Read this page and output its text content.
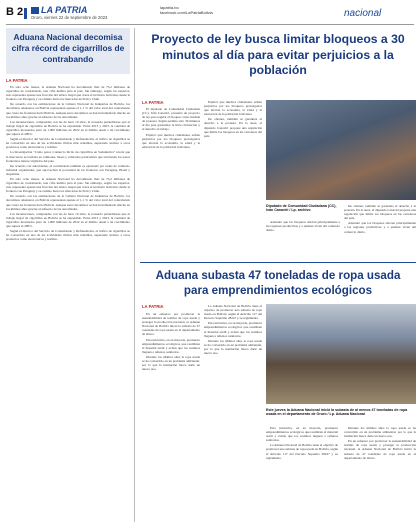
B 2	LA PATRIA
Oruro, viernes 22 de septiembre de 2023
lapatria.bo
facebook.com/LaPatriaBolivia	nacional
Aduana Nacional decomisa cifra récord de cigarrillos de contrabando
LA PATRIA

En sólo ocho meses, la Aduana Nacional ha decomisado más de 73,2 millones de cigarrillos de contrabando, una cifra inédita para el país. Sin embargo, según los expertos, esto representa apenas una fracción del tabaco ilegal que cruza el territorio boliviano desde la frontera con Paraguay y su camino hacia los mercados de Perú y Chile.

De acuerdo con las estimaciones de la Cámara Nacional de Industrias de Bolivia, los decomisos aduaneros en Bolivia representan apenas el 1,1 % del valor total del contrabando que cruza las fronteras hacia Bolivia. Aunque estos decomisos se han incrementado mucho en los últimos años gracias al esfuerzo de las autoridades.

Las incautaciones, comparadas con las de hace 10 años, la recuerda paralelizarse que el trabajo ilegal de cigarrillos en Bolivia se ha expandido. Entre 2013 y 2023, la cantidad de cigarrillos incautados pasó de 1.000 millones de 2022 en el ámbito anual a un crecimiento que supera el 200%.

Según el director del Servicio de Contrabando y Defraudación, el tráfico de cigarrillos se ha convertido en una de las actividades ilícitas más rentables, superando incluso a otros productos como electrónicos y textiles.

La Investigación "Cómo pasar. Comercio ilícito de cigarrillos en Sudamérica" revela que la mercancía se traslada en camiones, buses y vehículos particulares que atraviesan los pasos fronterizos menos vigilados del país.

De acuerdo con autoridades, el contrabando también es ejecutado por redes de comercio informal organizadas, que aprovechan la porosidad de las fronteras con Paraguay, Brasil y Argentina.

En sólo ocho meses, la Aduana Nacional ha decomisado más de 73,2 millones de cigarrillos de contrabando, una cifra inédita para el país. Sin embargo, según los expertos, esto representa apenas una fracción del tabaco ilegal que cruza el territorio boliviano desde la frontera con Paraguay y su camino hacia los mercados de Perú y Chile.

De acuerdo con las estimaciones de la Cámara Nacional de Industrias de Bolivia, los decomisos aduaneros en Bolivia representan apenas el 1,1 % del valor total del contrabando que cruza las fronteras hacia Bolivia. Aunque estos decomisos se han incrementado mucho en los últimos años gracias al esfuerzo de las autoridades.

Las incautaciones, comparadas con las de hace 10 años, la recuerda paralelizarse que el trabajo ilegal de cigarrillos en Bolivia se ha expandido. Entre 2013 y 2023, la cantidad de cigarrillos incautados pasó de 1.000 millones de 2022 en el ámbito anual a un crecimiento que supera el 200%.

Según el director del Servicio de Contrabando y Defraudación, el tráfico de cigarrillos se ha convertido en una de las actividades ilícitas más rentables, superando incluso a otros productos como electrónicos y textiles.

Proyecto de ley busca limitar bloqueos a 30 minutos al día para evitar perjuicios a la población
LA PATRIA

El diputado de Comunidad Ciudadana (CC), Iván Canaviri, presentó un proyecto de ley para regular el bloqueo como medida de protesta. Según permite sólo 30 minutos al día para garantizar la libre circulación y el derecho al trabajo.

Explicó que muchos ciudadanos sufren perjuicios por los bloqueos prolongados que afectan la economía, la salud y la educación de la población boliviana.

Explicó que muchos ciudadanos sufren perjuicios por los bloqueos prolongados que afectan la economía, la salud y la educación de la población boliviana.

De obtener, también se garantiza el derecho a la protesta. En la tarea, el diputado Canaviri propone una regulación que limita los bloqueos en las carreteras del país.

Diputado de Comunidad Ciudadana (CC), Iván Canaviri / Lp. archivo

Adelantó que los bloqueos afectan principalmente a las regiones productivas y a quienes viven del comercio diario.

De obtener, también se garantiza el derecho a la protesta. En la tarea, el diputado Canaviri propone una regulación que limita los bloqueos en las carreteras del país.

Adelantó que los bloqueos afectan principalmente a las regiones productivas y a quienes viven del comercio diario.

Aduana subasta 47 toneladas de ropa usada para emprendimientos ecológicos
LA PATRIA

En un esfuerzo por promover la sustentabilidad de textiles de ropa usada y proteger la producción nacional, la Aduana Nacional de Bolivia inició la subasta de 47 toneladas de ropa usada en el departamento de Oruro.

Esta iniciativa, en su mayoría, promueve emprendimientos ecológicos que reutilizan el material textil y evitan que los residuos lleguen a rellenos sanitarios.

Durante los últimos años la ropa usada se ha convertido en un problema ambiental, por lo que la institución busca darle un nuevo uso.

La Aduana Nacional de Bolivia tiene el objetivo de promover una subasta de ropa usada en Bolivia, según el Artículo 117 del Decreto Supremo 28247 y su reglamento.

Esta iniciativa, en su mayoría, promueve emprendimientos ecológicos que reutilizan el material textil y evitan que los residuos lleguen a rellenos sanitarios.

Durante los últimos años la ropa usada se ha convertido en un problema ambiental, por lo que la institución busca darle un nuevo uso.

Este jueves la Aduana Nacional inició la subasta de al menos 47 toneladas de ropa usada en el departamento de Oruro / Lp. Aduana Nacional

Esta iniciativa, en su mayoría, promueve emprendimientos ecológicos que reutilizan el material textil y evitan que los residuos lleguen a rellenos sanitarios.

La Aduana Nacional de Bolivia tiene el objetivo de promover una subasta de ropa usada en Bolivia, según el Artículo 117 del Decreto Supremo 28247 y su reglamento.

Durante los últimos años la ropa usada se ha convertido en un problema ambiental, por lo que la institución busca darle un nuevo uso.

En un esfuerzo por promover la sustentabilidad de textiles de ropa usada y proteger la producción nacional, la Aduana Nacional de Bolivia inició la subasta de 47 toneladas de ropa usada en el departamento de Oruro.
